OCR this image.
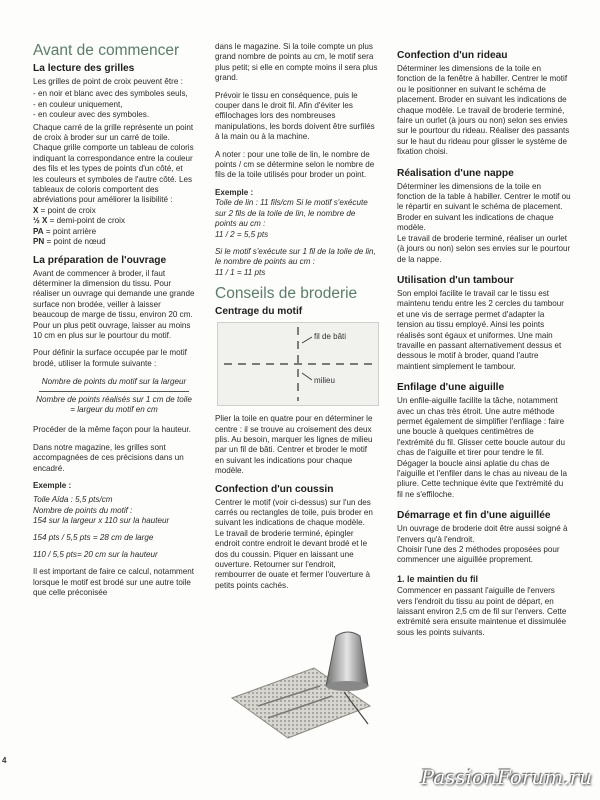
Avant de commencer
La lecture des grilles

Les grilles de point de croix peuvent être :

- en noir et blanc avec des symboles seuls,
- en couleur uniquement,
- en couleur avec des symboles.

Chaque carré de la grille représente un point de croix à broder sur un carré de toile. Chaque grille comporte un tableau de coloris indiquant la correspondance entre la couleur des fils et les types de points d'un côté, et les couleurs et symboles de l'autre côté. Les tableaux de coloris comportent des abréviations pour améliorer la lisibilité :

X = point de croix
½ X = demi-point de croix
PA = point arrière
PN = point de nœud
La préparation de l'ouvrage

Avant de commencer à broder, il faut déterminer la dimension du tissu. Pour réaliser un ouvrage qui demande une grande surface non brodée, veiller à laisser beaucoup de marge de tissu, environ 20 cm. Pour un plus petit ouvrage, laisser au moins 10 cm en plus sur le pourtour du motif.

Pour définir la surface occupée par le motif brodé, utiliser la formule suivante :

Nombre de points du motif sur la largeur
Nombre de points réalisés sur 1 cm de toile
= largeur du motif en cm

Procéder de la même façon pour la hauteur.

Dans notre magazine, les grilles sont accompagnées de ces précisions dans un encadré.

Exemple :
Toile Aïda : 5,5 pts/cm
Nombre de points du motif :
154 sur la largeur x 110 sur la hauteur

154 pts / 5,5 pts = 28 cm de large

110 / 5,5 pts= 20 cm sur la hauteur

Il est important de faire ce calcul, notamment lorsque le motif est brodé sur une autre toile que celle préconisée

dans le magazine. Si la toile compte un plus grand nombre de points au cm, le motif sera plus petit; si elle en compte moins il sera plus grand.

Prévoir le tissu en conséquence, puis le couper dans le droit fil. Afin d'éviter les effilochages lors des nombreuses manipulations, les bords doivent être surfilés à la main ou à la machine.

A noter : pour une toile de lin, le nombre de points / cm se détermine selon le nombre de fils de la toile utilisés pour broder un point.

Exemple :

Toile de lin : 11 fils/cm Si le motif s'exécute sur 2 fils de la toile de lin, le nombre de points au cm :

11 / 2 = 5,5 pts

Si le motif s'exécute sur 1 fil de la toile de lin, le nombre de points au cm :

11 / 1 = 11 pts

Conseils de broderie
Centrage du motif
fil de bâti
milieu

Plier la toile en quatre pour en déterminer le centre : il se trouve au croisement des deux plis. Au besoin, marquer les lignes de milieu par un fil de bâti. Centrer et broder le motif en suivant les indications pour chaque modèle.

Confection d'un coussin

Centrer le motif (voir ci-dessus) sur l'un des carrés ou rectangles de toile, puis broder en suivant les indications de chaque modèle.

Le travail de broderie terminé, épingler endroit contre endroit le devant brodé et le dos du coussin. Piquer en laissant une ouverture. Retourner sur l'endroit, rembourrer de ouate et fermer l'ouverture à petits points cachés.

Confection d'un rideau

Déterminer les dimensions de la toile en fonction de la fenêtre à habiller. Centrer le motif ou le positionner en suivant le schéma de placement. Broder en suivant les indications de chaque modèle. Le travail de broderie terminé, faire un ourlet (à jours ou non) selon ses envies sur le pourtour du rideau. Réaliser des passants sur le haut du rideau pour glisser le système de fixation choisi.

Réalisation d'une nappe

Déterminer les dimensions de la toile en fonction de la table à habiller. Centrer le motif ou le répartir en suivant le schéma de placement. Broder en suivant les indications de chaque modèle.

Le travail de broderie terminé, réaliser un ourlet (à jours ou non) selon ses envies sur le pourtour de la nappe.

Utilisation d'un tambour

Son emploi facilite le travail car le tissu est maintenu tendu entre les 2 cercles du tambour et une vis de serrage permet d'adapter la tension au tissu employé. Ainsi les points réalisés sont égaux et uniformes. Une main travaille en passant alternativement dessus et dessous le motif à broder, quand l'autre maintient simplement le tambour.

Enfilage d'une aiguille

Un enfile-aiguille facilite la tâche, notamment avec un chas très étroit. Une autre méthode permet également de simplifier l'enfilage : faire une boucle à quelques centimètres de l'extrémité du fil. Glisser cette boucle autour du chas de l'aiguille et tirer pour tendre le fil. Dégager la boucle ainsi aplatie du chas de l'aiguille et l'enfiler dans le chas au niveau de la pliure. Cette technique évite que l'extrémité du fil ne s'effiloche.

Démarrage et fin d'une aiguillée

Un ouvrage de broderie doit être aussi soigné à l'envers qu'à l'endroit.

Choisir l'une des 2 méthodes proposées pour commencer une aiguillée proprement.

1. le maintien du fil

Commencer en passant l'aiguille de l'envers vers l'endroit du tissu au point de départ, en laissant environ 2,5 cm de fil sur l'envers. Cette extrémité sera ensuite maintenue et dissimulée sous les points suivants.

4
PassionForum.ru
